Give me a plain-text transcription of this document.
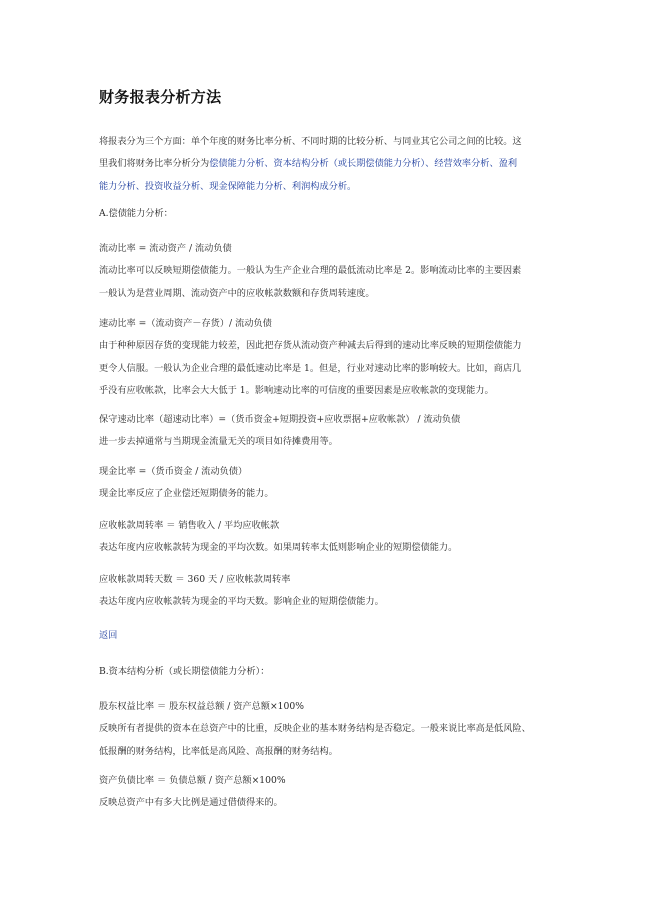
财务报表分析方法
将报表分为三个方面：单个年度的财务比率分析、不同时期的比较分析、与同业其它公司之间的比较。这
里我们将财务比率分析分为偿债能力分析、资本结构分析（或长期偿债能力分析）、经营效率分析、盈利
能力分析、投资收益分析、现金保障能力分析、利润构成分析。
A.偿债能力分析：
流动比率 = 流动资产 / 流动负债
流动比率可以反映短期偿债能力。一般认为生产企业合理的最低流动比率是 2。影响流动比率的主要因素
一般认为是营业周期、流动资产中的应收帐款数额和存货周转速度。
速动比率 =（流动资产－存货）/ 流动负债
由于种种原因存货的变现能力较差，因此把存货从流动资产种减去后得到的速动比率反映的短期偿债能力
更令人信服。一般认为企业合理的最低速动比率是 1。但是，行业对速动比率的影响较大。比如，商店几
乎没有应收帐款，比率会大大低于 1。影响速动比率的可信度的重要因素是应收帐款的变现能力。
保守速动比率（超速动比率）=（货币资金+短期投资+应收票据+应收帐款） / 流动负债
进一步去掉通常与当期现金流量无关的项目如待摊费用等。
现金比率 =（货币资金 / 流动负债）
现金比率反应了企业偿还短期债务的能力。
应收帐款周转率 ＝ 销售收入 / 平均应收帐款
表达年度内应收帐款转为现金的平均次数。如果周转率太低则影响企业的短期偿债能力。
应收帐款周转天数 ＝ 360 天 / 应收帐款周转率
表达年度内应收帐款转为现金的平均天数。影响企业的短期偿债能力。
返回
B.资本结构分析（或长期偿债能力分析）：
股东权益比率 ＝ 股东权益总额 / 资产总额×100%
反映所有者提供的资本在总资产中的比重，反映企业的基本财务结构是否稳定。一般来说比率高是低风险、
低报酬的财务结构，比率低是高风险、高报酬的财务结构。
资产负债比率 ＝ 负债总额 / 资产总额×100%
反映总资产中有多大比例是通过借债得来的。
